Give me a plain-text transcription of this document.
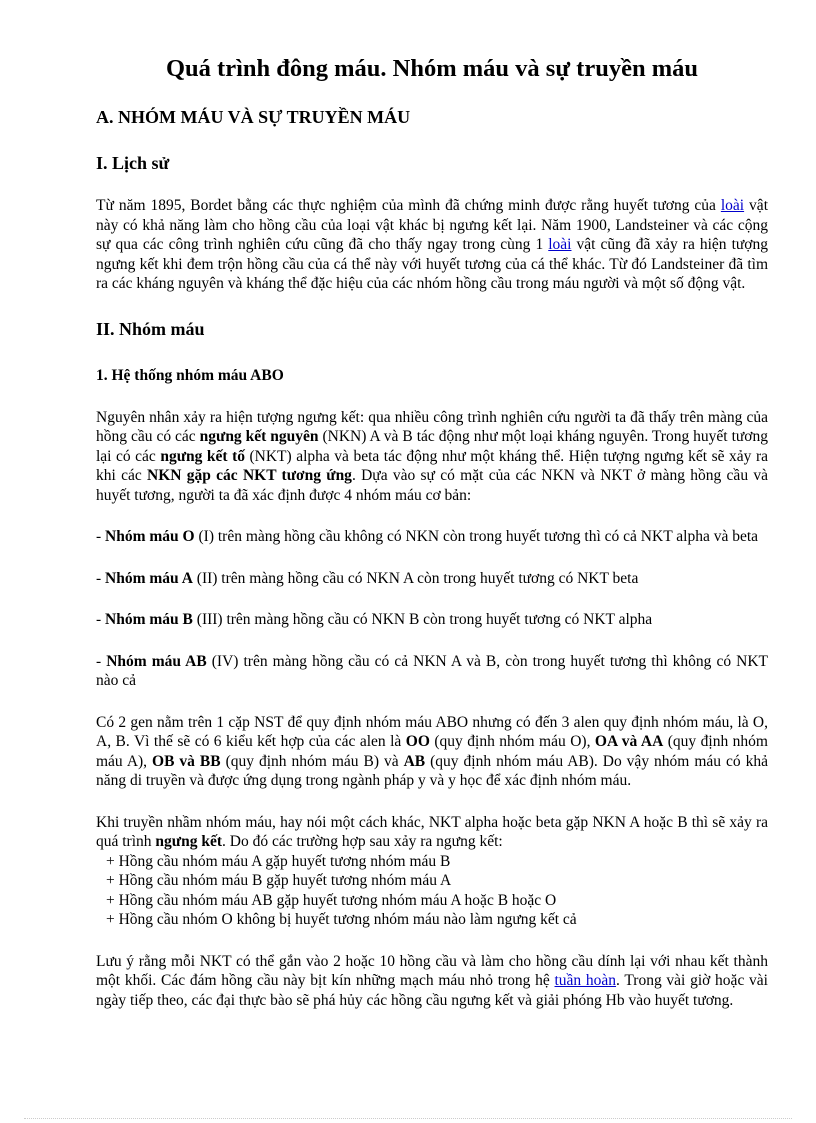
Quá trình đông máu. Nhóm máu và sự truyền máu
A. NHÓM MÁU VÀ SỰ TRUYỀN MÁU
I. Lịch sử

Từ năm 1895, Bordet bằng các thực nghiệm của mình đã chứng minh được rằng huyết tương của loài vật này có khả năng làm cho hồng cầu của loại vật khác bị ngưng kết lại. Năm 1900, Landsteiner và các cộng sự qua các công trình nghiên cứu cũng đã cho thấy ngay trong cùng 1 loài vật cũng đã xảy ra hiện tượng ngưng kết khi đem trộn hồng cầu của cá thể này với huyết tương của cá thể khác. Từ đó Landsteiner đã tìm ra các kháng nguyên và kháng thể đặc hiệu của các nhóm hồng cầu trong máu người và một số động vật.

II. Nhóm máu
1. Hệ thống nhóm máu ABO

Nguyên nhân xảy ra hiện tượng ngưng kết: qua nhiều công trình nghiên cứu người ta đã thấy trên màng của hồng cầu có các ngưng kết nguyên (NKN) A và B tác động như một loại kháng nguyên. Trong huyết tương lại có các ngưng kết tố (NKT) alpha và beta tác động như một kháng thể. Hiện tượng ngưng kết sẽ xảy ra khi các NKN gặp các NKT tương ứng. Dựa vào sự có mặt của các NKN và NKT ở màng hồng cầu và huyết tương, người ta đã xác định được 4 nhóm máu cơ bản:

- Nhóm máu O (I) trên màng hồng cầu không có NKN còn trong huyết tương thì có cả NKT alpha và beta

- Nhóm máu A (II) trên màng hồng cầu có NKN A còn trong huyết tương có NKT beta

- Nhóm máu B (III) trên màng hồng cầu có NKN B còn trong huyết tương có NKT alpha

- Nhóm máu AB (IV) trên màng hồng cầu có cả NKN A và B, còn trong huyết tương thì không có NKT nào cả

Có 2 gen nằm trên 1 cặp NST để quy định nhóm máu ABO nhưng có đến 3 alen quy định nhóm máu, là O, A, B. Vì thế sẽ có 6 kiểu kết hợp của các alen là OO (quy định nhóm máu O), OA và AA (quy định nhóm máu A), OB và BB (quy định nhóm máu B) và AB (quy định nhóm máu AB). Do vậy nhóm máu có khả năng di truyền và được ứng dụng trong ngành pháp y và y học để xác định nhóm máu.

Khi truyền nhầm nhóm máu, hay nói một cách khác, NKT alpha hoặc beta gặp NKN A hoặc B thì sẽ xảy ra quá trình ngưng kết. Do đó các trường hợp sau xảy ra ngưng kết:

+ Hồng cầu nhóm máu A gặp huyết tương nhóm máu B
+ Hồng cầu nhóm máu B gặp huyết tương nhóm máu A
+ Hồng cầu nhóm máu AB gặp huyết tương nhóm máu A hoặc B hoặc O
+ Hồng cầu nhóm O không bị huyết tương nhóm máu nào làm ngưng kết cả

Lưu ý rằng mỗi NKT có thể gắn vào 2 hoặc 10 hồng cầu và làm cho hồng cầu dính lại với nhau kết thành một khối. Các đám hồng cầu này bịt kín những mạch máu nhỏ trong hệ tuần hoàn. Trong vài giờ hoặc vài ngày tiếp theo, các đại thực bào sẽ phá hủy các hồng cầu ngưng kết và giải phóng Hb vào huyết tương.
